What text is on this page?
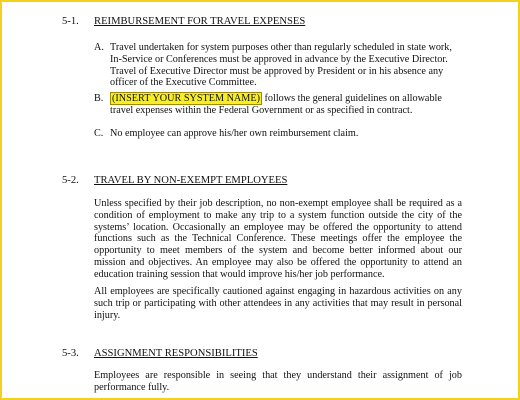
5-1. REIMBURSEMENT FOR TRAVEL EXPENSES
A. Travel undertaken for system purposes other than regularly scheduled in state work, In-Service or Conferences must be approved in advance by the Executive Director. Travel of Executive Director must be approved by President or in his absence any officer of the Executive Committee.
B. (INSERT YOUR SYSTEM NAME) follows the general guidelines on allowable travel expenses within the Federal Government or as specified in contract.
C. No employee can approve his/her own reimbursement claim.
5-2. TRAVEL BY NON-EXEMPT EMPLOYEES
Unless specified by their job description, no non-exempt employee shall be required as a condition of employment to make any trip to a system function outside the city of the systems’ location. Occasionally an employee may be offered the opportunity to attend functions such as the Technical Conference. These meetings offer the employee the opportunity to meet members of the system and become better informed about our mission and objectives. An employee may also be offered the opportunity to attend an education training session that would improve his/her job performance.
All employees are specifically cautioned against engaging in hazardous activities on any such trip or participating with other attendees in any activities that may result in personal injury.
5-3. ASSIGNMENT RESPONSIBILITIES
Employees are responsible in seeing that they understand their assignment of job performance fully.
